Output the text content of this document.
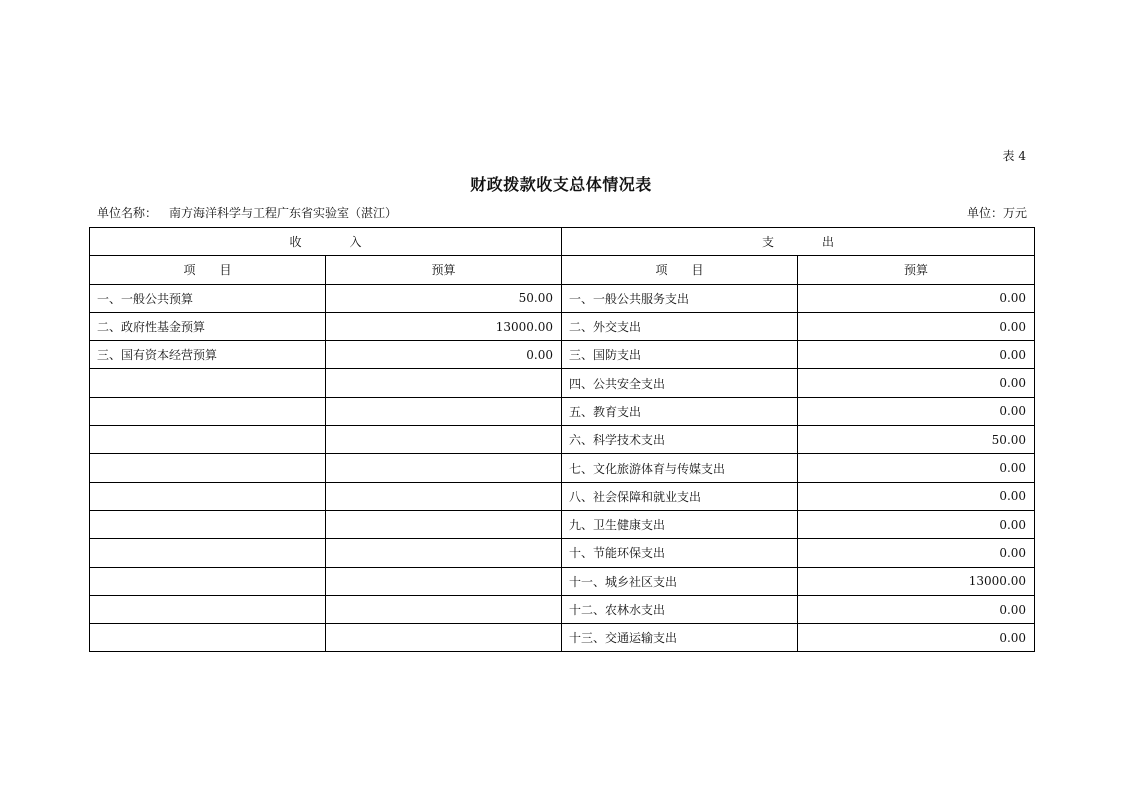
表 4
财政拨款收支总体情况表
单位名称： 南方海洋科学与工程广东省实验室（湛江）	单位：万元
收　　　　入		支　　　　出	
项　　目	预算	项　　目	预算
一、一般公共预算	50.00	一、一般公共服务支出	0.00
二、政府性基金预算	13000.00	二、外交支出	0.00
三、国有资本经营预算	0.00	三、国防支出	0.00
		四、公共安全支出	0.00
		五、教育支出	0.00
		六、科学技术支出	50.00
		七、文化旅游体育与传媒支出	0.00
		八、社会保障和就业支出	0.00
		九、卫生健康支出	0.00
		十、节能环保支出	0.00
		十一、城乡社区支出	13000.00
		十二、农林水支出	0.00
		十三、交通运输支出	0.00
